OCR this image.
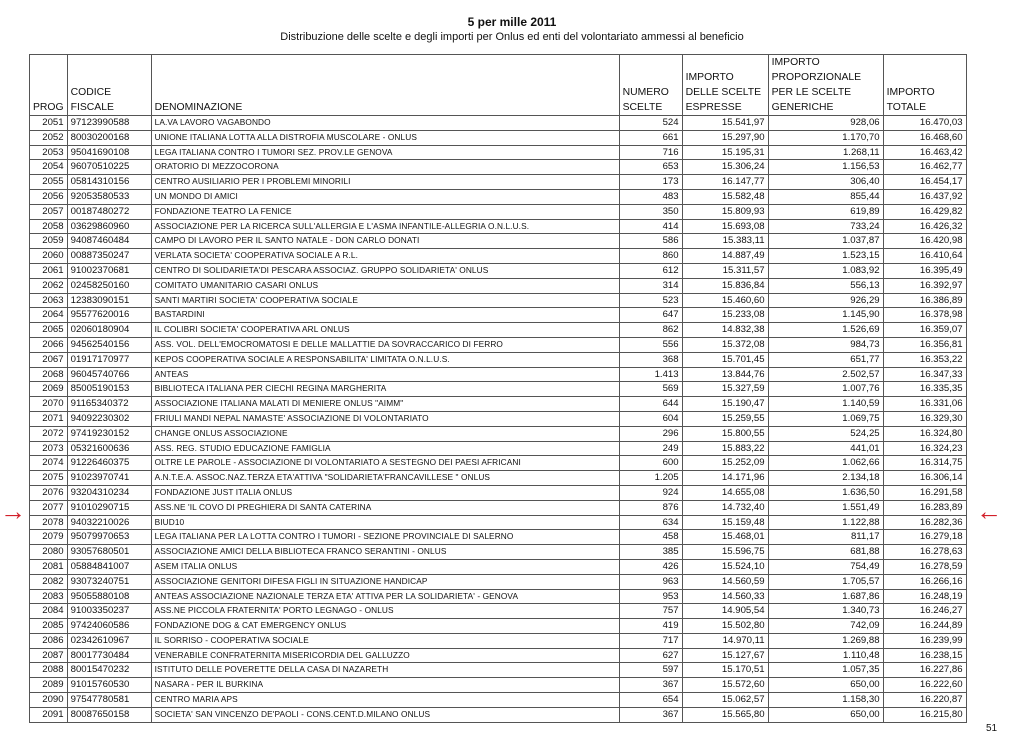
5 per mille 2011
Distribuzione delle scelte e degli importi per Onlus ed enti del volontariato ammessi al beneficio
PROG	CODICE FISCALE	DENOMINAZIONE	NUMERO SCELTE	IMPORTO DELLE SCELTE ESPRESSE	IMPORTO PROPORZIONALE PER LE SCELTE GENERICHE	IMPORTO TOTALE
2051	97123990588	LA.VA LAVORO VAGABONDO	524	15.541,97	928,06	16.470,03
2052	80030200168	UNIONE ITALIANA LOTTA ALLA DISTROFIA MUSCOLARE - ONLUS	661	15.297,90	1.170,70	16.468,60
2053	95041690108	LEGA ITALIANA CONTRO I TUMORI SEZ. PROV.LE GENOVA	716	15.195,31	1.268,11	16.463,42
2054	96070510225	ORATORIO DI MEZZOCORONA	653	15.306,24	1.156,53	16.462,77
2055	05814310156	CENTRO AUSILIARIO PER I PROBLEMI MINORILI	173	16.147,77	306,40	16.454,17
2056	92053580533	UN MONDO DI AMICI	483	15.582,48	855,44	16.437,92
2057	00187480272	FONDAZIONE TEATRO LA FENICE	350	15.809,93	619,89	16.429,82
2058	03629860960	ASSOCIAZIONE PER LA RICERCA SULL'ALLERGIA E L'ASMA INFANTILE-ALLEGRIA O.N.L.U.S.	414	15.693,08	733,24	16.426,32
2059	94087460484	CAMPO DI LAVORO PER IL SANTO NATALE - DON CARLO DONATI	586	15.383,11	1.037,87	16.420,98
2060	00887350247	VERLATA SOCIETA' COOPERATIVA SOCIALE A R.L.	860	14.887,49	1.523,15	16.410,64
2061	91002370681	CENTRO DI SOLIDARIETA'DI PESCARA ASSOCIAZ. GRUPPO SOLIDARIETA' ONLUS	612	15.311,57	1.083,92	16.395,49
2062	02458250160	COMITATO UMANITARIO CASARI ONLUS	314	15.836,84	556,13	16.392,97
2063	12383090151	SANTI MARTIRI SOCIETA' COOPERATIVA SOCIALE	523	15.460,60	926,29	16.386,89
2064	95577620016	BASTARDINI	647	15.233,08	1.145,90	16.378,98
2065	02060180904	IL COLIBRI SOCIETA' COOPERATIVA ARL ONLUS	862	14.832,38	1.526,69	16.359,07
2066	94562540156	ASS. VOL. DELL'EMOCROMATOSI E DELLE MALLATTIE DA SOVRACCARICO DI FERRO	556	15.372,08	984,73	16.356,81
2067	01917170977	KEPOS COOPERATIVA SOCIALE A RESPONSABILITA' LIMITATA O.N.L.U.S.	368	15.701,45	651,77	16.353,22
2068	96045740766	ANTEAS	1.413	13.844,76	2.502,57	16.347,33
2069	85005190153	BIBLIOTECA ITALIANA PER CIECHI REGINA MARGHERITA	569	15.327,59	1.007,76	16.335,35
2070	91165340372	ASSOCIAZIONE ITALIANA MALATI DI MENIERE ONLUS "AIMM"	644	15.190,47	1.140,59	16.331,06
2071	94092230302	FRIULI MANDI NEPAL NAMASTE' ASSOCIAZIONE DI VOLONTARIATO	604	15.259,55	1.069,75	16.329,30
2072	97419230152	CHANGE ONLUS ASSOCIAZIONE	296	15.800,55	524,25	16.324,80
2073	05321600636	ASS. REG. STUDIO EDUCAZIONE FAMIGLIA	249	15.883,22	441,01	16.324,23
2074	91226460375	OLTRE LE PAROLE - ASSOCIAZIONE DI VOLONTARIATO A SESTEGNO DEI PAESI AFRICANI	600	15.252,09	1.062,66	16.314,75
2075	91023970741	A.N.T.E.A. ASSOC.NAZ.TERZA ETA'ATTIVA "SOLIDARIETA'FRANCAVILLESE " ONLUS	1.205	14.171,96	2.134,18	16.306,14
2076	93204310234	FONDAZIONE JUST ITALIA ONLUS	924	14.655,08	1.636,50	16.291,58
2077	91010290715	ASS.NE 'IL COVO DI PREGHIERA DI SANTA CATERINA	876	14.732,40	1.551,49	16.283,89
2078	94032210026	BIUD10	634	15.159,48	1.122,88	16.282,36
2079	95079970653	LEGA ITALIANA PER LA LOTTA CONTRO I TUMORI - SEZIONE PROVINCIALE DI SALERNO	458	15.468,01	811,17	16.279,18
2080	93057680501	ASSOCIAZIONE AMICI DELLA BIBLIOTECA FRANCO SERANTINI - ONLUS	385	15.596,75	681,88	16.278,63
2081	05884841007	ASEM ITALIA ONLUS	426	15.524,10	754,49	16.278,59
2082	93073240751	ASSOCIAZIONE GENITORI DIFESA FIGLI IN SITUAZIONE HANDICAP	963	14.560,59	1.705,57	16.266,16
2083	95055880108	ANTEAS ASSOCIAZIONE NAZIONALE TERZA ETA' ATTIVA PER LA SOLIDARIETA' - GENOVA	953	14.560,33	1.687,86	16.248,19
2084	91003350237	ASS.NE PICCOLA FRATERNITA' PORTO LEGNAGO - ONLUS	757	14.905,54	1.340,73	16.246,27
2085	97424060586	FONDAZIONE DOG & CAT EMERGENCY ONLUS	419	15.502,80	742,09	16.244,89
2086	02342610967	IL SORRISO - COOPERATIVA SOCIALE	717	14.970,11	1.269,88	16.239,99
2087	80017730484	VENERABILE CONFRATERNITA MISERICORDIA DEL GALLUZZO	627	15.127,67	1.110,48	16.238,15
2088	80015470232	ISTITUTO DELLE POVERETTE DELLA CASA DI NAZARETH	597	15.170,51	1.057,35	16.227,86
2089	91015760530	NASARA - PER IL BURKINA	367	15.572,60	650,00	16.222,60
2090	97547780581	CENTRO MARIA APS	654	15.062,57	1.158,30	16.220,87
2091	80087650158	SOCIETA' SAN VINCENZO DE'PAOLI - CONS.CENT.D.MILANO ONLUS	367	15.565,80	650,00	16.215,80
→	←
51
